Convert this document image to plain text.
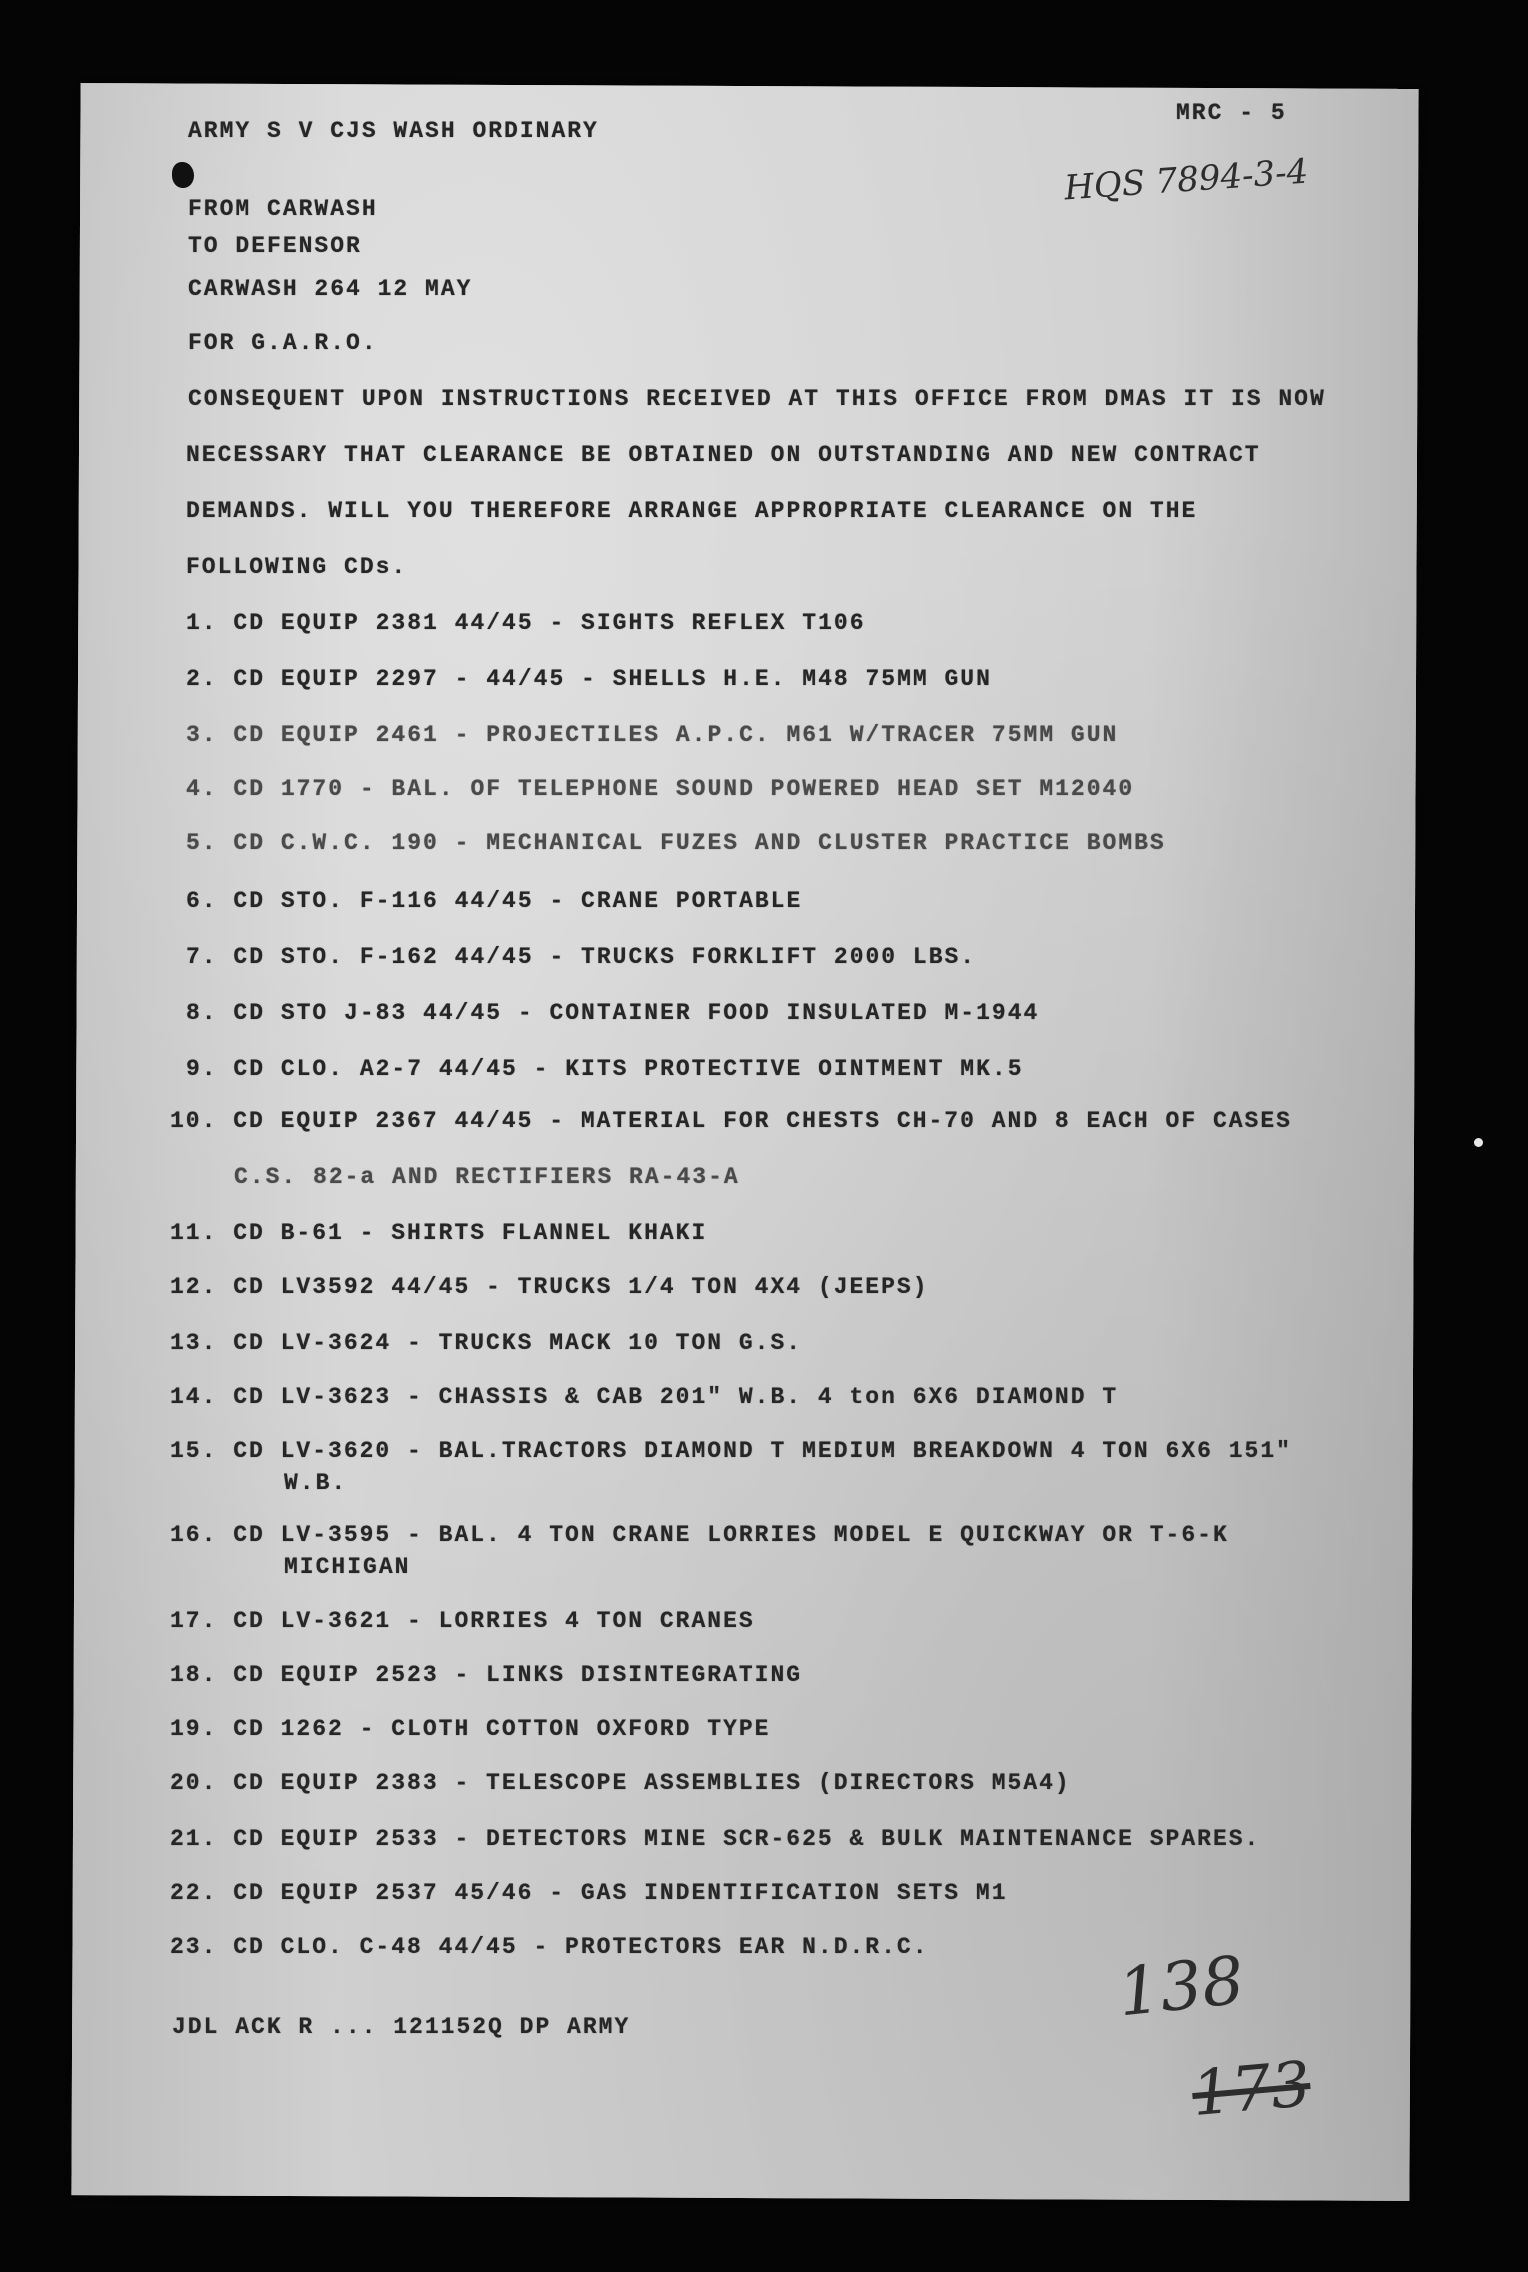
ARMY S V CJS WASH ORDINARY
MRC - 5
HQS 7894-3-4
FROM CARWASH
TO DEFENSOR
CARWASH 264 12 MAY
FOR G.A.R.O.
CONSEQUENT UPON INSTRUCTIONS RECEIVED AT THIS OFFICE FROM DMAS IT IS NOW
NECESSARY THAT CLEARANCE BE OBTAINED ON OUTSTANDING AND NEW CONTRACT
DEMANDS. WILL YOU THEREFORE ARRANGE APPROPRIATE CLEARANCE ON THE
FOLLOWING CDs.
1. CD EQUIP 2381 44/45 - SIGHTS REFLEX T106
2. CD EQUIP 2297 - 44/45 - SHELLS H.E. M48 75MM GUN
3. CD EQUIP 2461 - PROJECTILES A.P.C. M61 W/TRACER 75MM GUN
4. CD 1770 - BAL. OF TELEPHONE SOUND POWERED HEAD SET M12040
5. CD C.W.C. 190 - MECHANICAL FUZES AND CLUSTER PRACTICE BOMBS
6. CD STO. F-116 44/45 - CRANE PORTABLE
7. CD STO. F-162 44/45 - TRUCKS FORKLIFT 2000 LBS.
8. CD STO J-83 44/45 - CONTAINER FOOD INSULATED M-1944
9. CD CLO. A2-7 44/45 - KITS PROTECTIVE OINTMENT MK.5
10. CD EQUIP 2367 44/45 - MATERIAL FOR CHESTS CH-70 AND 8 EACH OF CASES
C.S. 82-a AND RECTIFIERS RA-43-A
11. CD B-61 - SHIRTS FLANNEL KHAKI
12. CD LV3592 44/45 - TRUCKS 1/4 TON 4X4 (JEEPS)
13. CD LV-3624 - TRUCKS MACK 10 TON G.S.
14. CD LV-3623 - CHASSIS & CAB 201" W.B. 4 ton 6X6 DIAMOND T
15. CD LV-3620 - BAL.TRACTORS DIAMOND T MEDIUM BREAKDOWN 4 TON 6X6 151"
W.B.
16. CD LV-3595 - BAL. 4 TON CRANE LORRIES MODEL E QUICKWAY OR T-6-K
MICHIGAN
17. CD LV-3621 - LORRIES 4 TON CRANES
18. CD EQUIP 2523 - LINKS DISINTEGRATING
19. CD 1262 - CLOTH COTTON OXFORD TYPE
20. CD EQUIP 2383 - TELESCOPE ASSEMBLIES (DIRECTORS M5A4)
21. CD EQUIP 2533 - DETECTORS MINE SCR-625 & BULK MAINTENANCE SPARES.
22. CD EQUIP 2537 45/46 - GAS INDENTIFICATION SETS M1
23. CD CLO. C-48 44/45 - PROTECTORS EAR N.D.R.C.
JDL ACK R ... 121152Q DP ARMY	138
173
